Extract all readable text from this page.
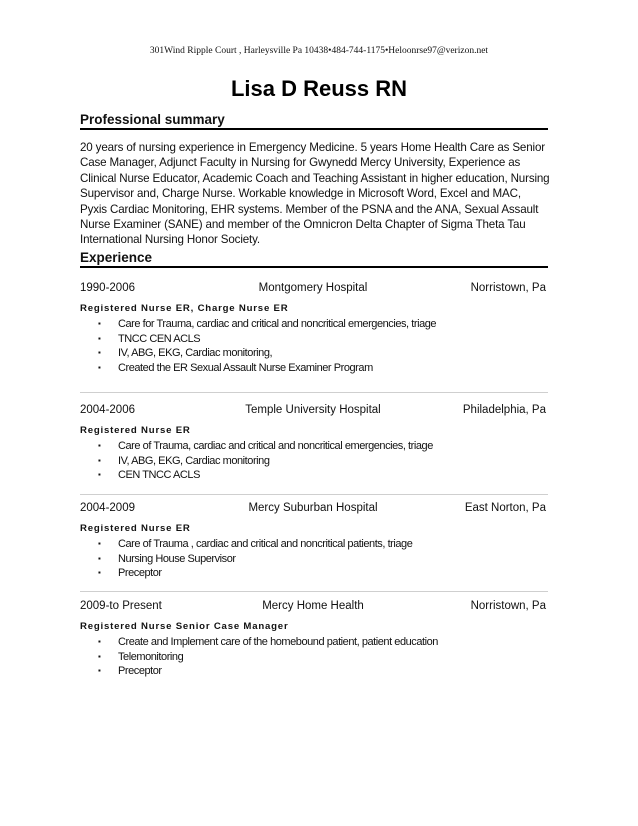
301Wind Ripple Court , Harleysville Pa 10438•484-744-1175•Heloonrse97@verizon.net
Lisa D Reuss RN
Professional summary
20 years of nursing experience in Emergency Medicine. 5 years Home Health Care as Senior Case Manager, Adjunct Faculty in Nursing for Gwynedd Mercy University, Experience as Clinical Nurse Educator, Academic Coach and Teaching Assistant in higher education, Nursing Supervisor and, Charge Nurse. Workable knowledge in Microsoft Word, Excel and MAC, Pyxis Cardiac Monitoring, EHR systems. Member of the PSNA and the ANA, Sexual Assault Nurse Examiner (SANE) and member of the Omnicron Delta Chapter of Sigma Theta Tau International Nursing Honor Society.
Experience
1990-2006	Montgomery Hospital	Norristown, Pa
Registered Nurse ER, Charge Nurse ER
▪ Care for Trauma, cardiac and critical and noncritical emergencies, triage
▪ TNCC CEN ACLS
▪ IV, ABG, EKG, Cardiac monitoring,
▪ Created the ER Sexual Assault Nurse Examiner Program
2004-2006	Temple University Hospital	Philadelphia, Pa
Registered Nurse ER
▪ Care of Trauma, cardiac and critical and noncritical emergencies, triage
▪ IV, ABG, EKG, Cardiac monitoring
▪ CEN TNCC ACLS
2004-2009	Mercy Suburban Hospital	East Norton, Pa
Registered Nurse ER
▪ Care of Trauma , cardiac and critical and noncritical patients, triage
▪ Nursing House Supervisor
▪ Preceptor
2009-to Present	Mercy Home Health	Norristown, Pa
Registered Nurse Senior Case Manager
▪ Create and Implement care of the homebound patient, patient education
▪ Telemonitoring
▪ Preceptor
